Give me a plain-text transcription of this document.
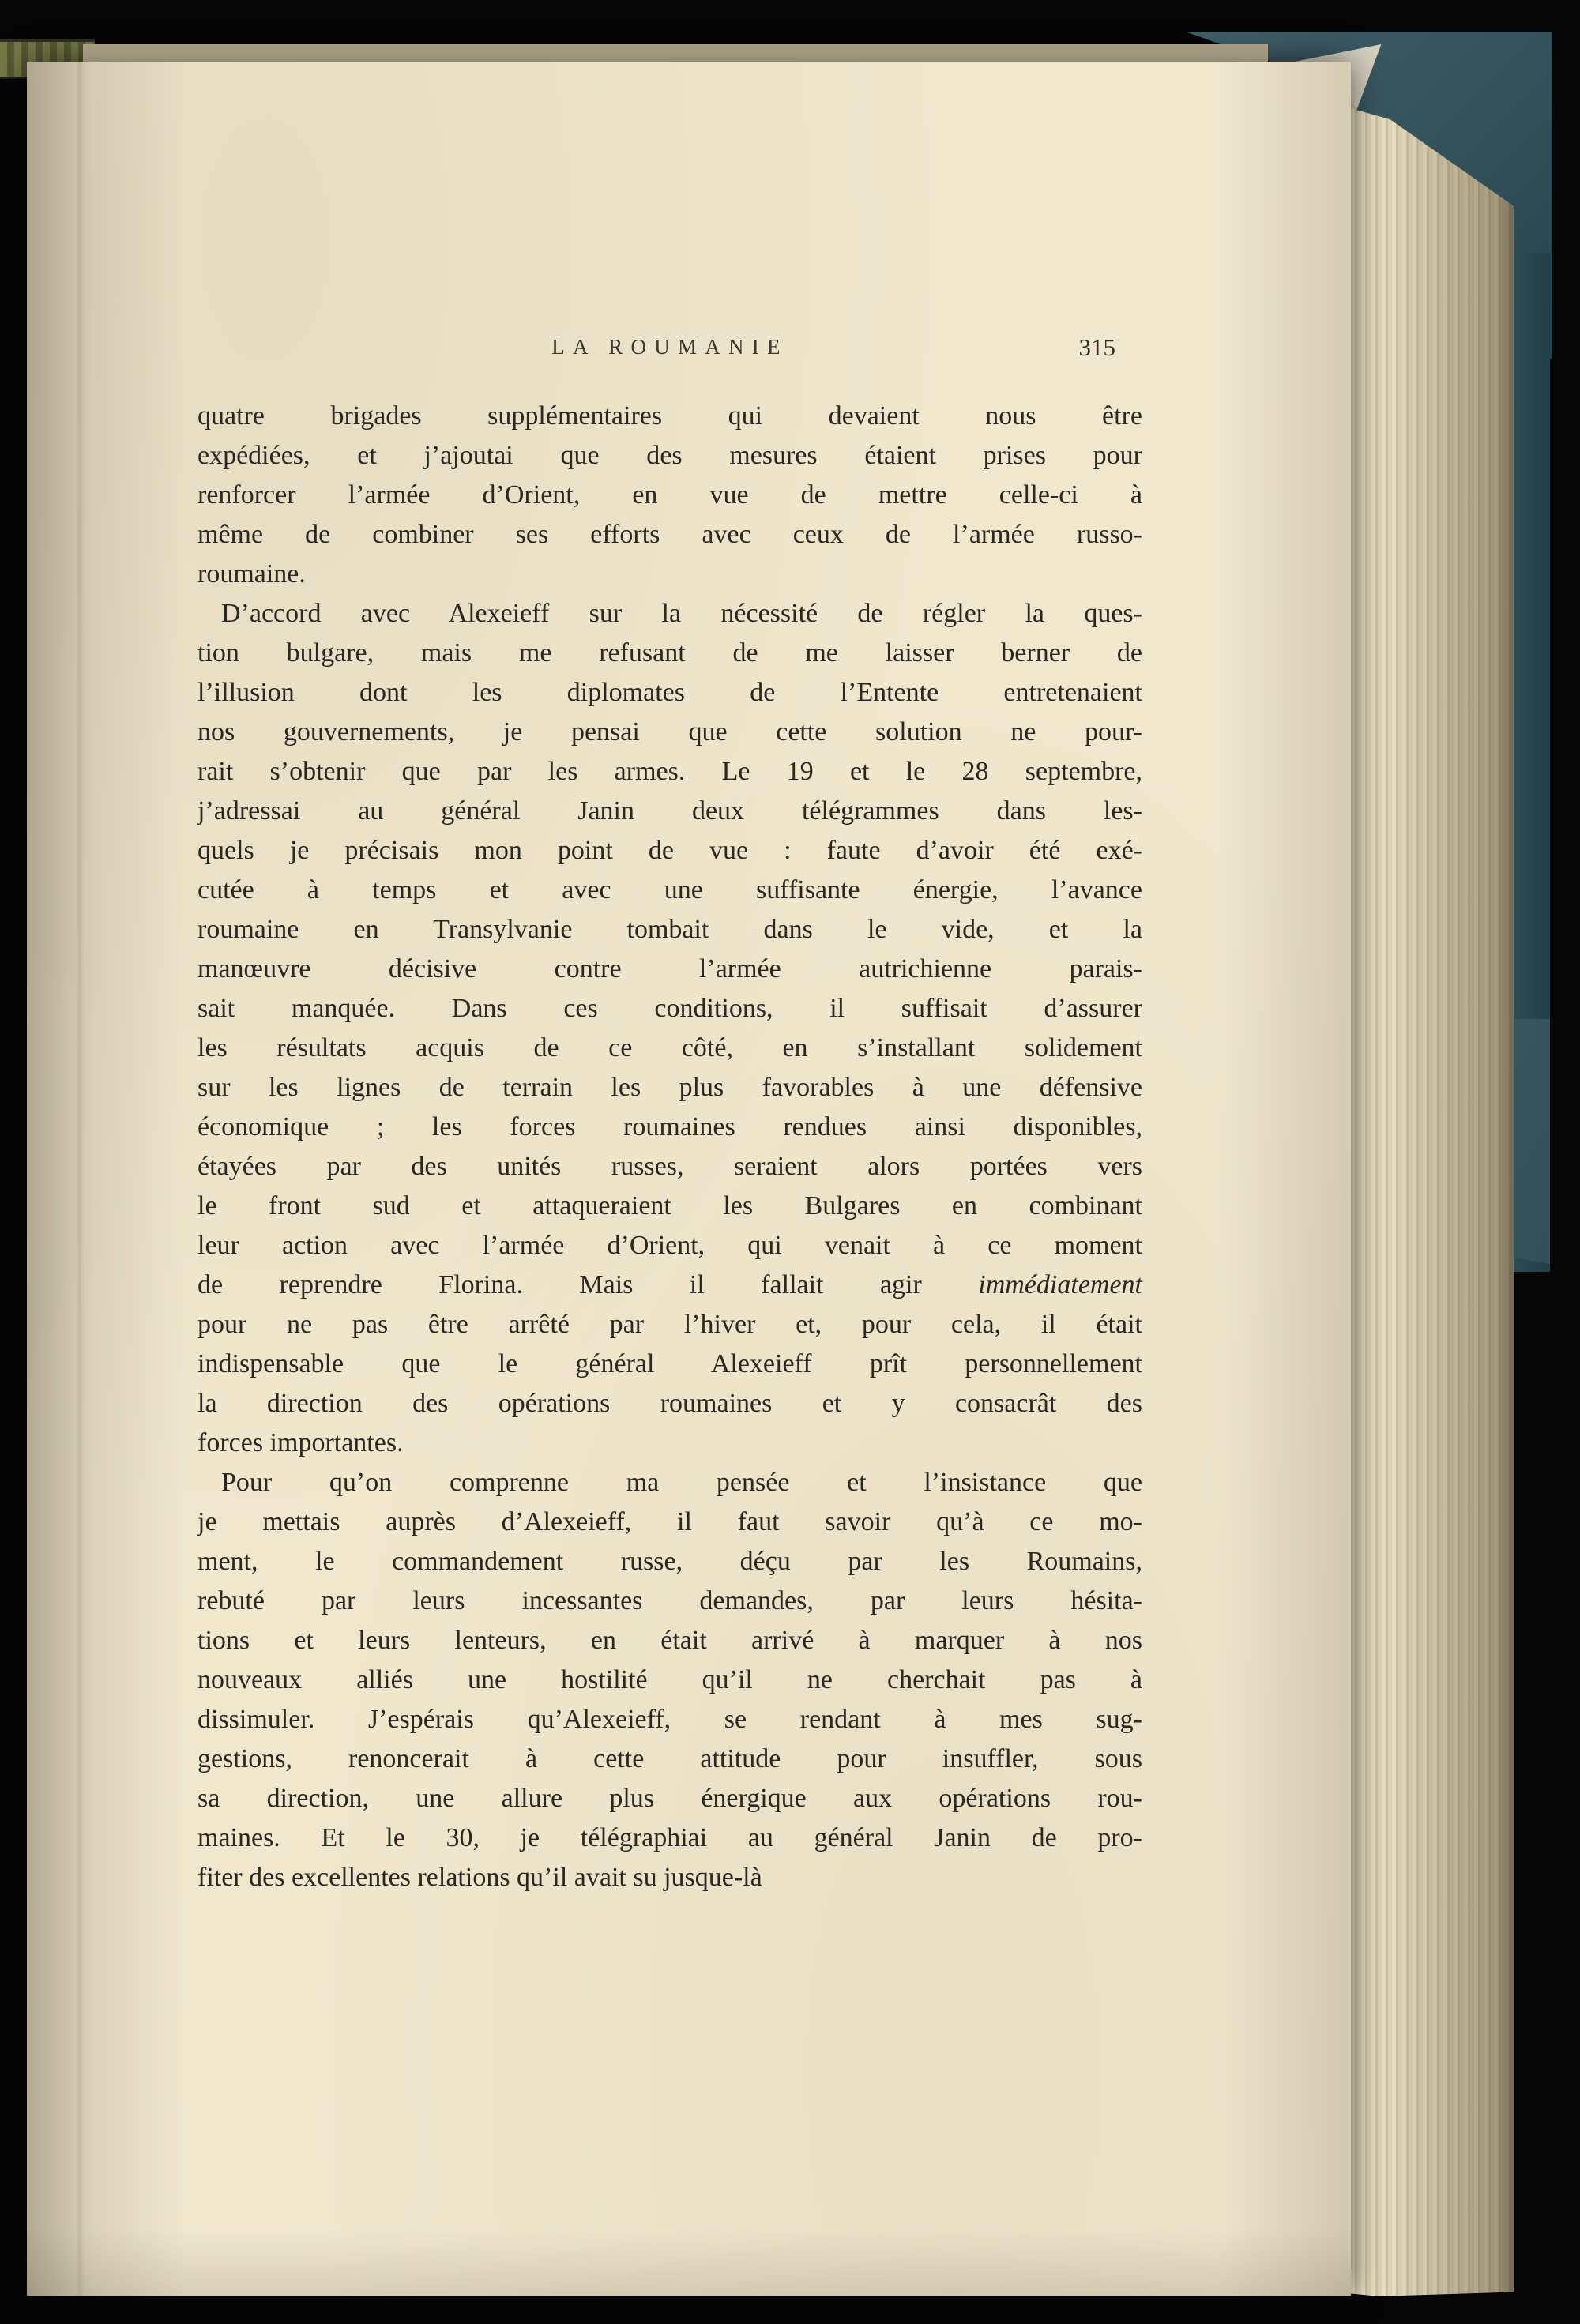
LA ROUMANIE	315
quatre brigades supplémentaires qui devaient nous être
expédiées, et j’ajoutai que des mesures étaient prises pour
renforcer l’armée d’Orient, en vue de mettre celle-ci à
même de combiner ses efforts avec ceux de l’armée russo-
roumaine.
D’accord avec Alexeieff sur la nécessité de régler la ques-
tion bulgare, mais me refusant de me laisser berner de
l’illusion dont les diplomates de l’Entente entretenaient
nos gouvernements, je pensai que cette solution ne pour-
rait s’obtenir que par les armes. Le 19 et le 28 septembre,
j’adressai au général Janin deux télégrammes dans les-
quels je précisais mon point de vue : faute d’avoir été exé-
cutée à temps et avec une suffisante énergie, l’avance
roumaine en Transylvanie tombait dans le vide, et la
manœuvre décisive contre l’armée autrichienne parais-
sait manquée. Dans ces conditions, il suffisait d’assurer
les résultats acquis de ce côté, en s’installant solidement
sur les lignes de terrain les plus favorables à une défensive
économique ; les forces roumaines rendues ainsi disponibles,
étayées par des unités russes, seraient alors portées vers
le front sud et attaqueraient les Bulgares en combinant
leur action avec l’armée d’Orient, qui venait à ce moment
de reprendre Florina. Mais il fallait agir immédiatement
pour ne pas être arrêté par l’hiver et, pour cela, il était
indispensable que le général Alexeieff prît personnellement
la direction des opérations roumaines et y consacrât des
forces importantes.
Pour qu’on comprenne ma pensée et l’insistance que
je mettais auprès d’Alexeieff, il faut savoir qu’à ce mo-
ment, le commandement russe, déçu par les Roumains,
rebuté par leurs incessantes demandes, par leurs hésita-
tions et leurs lenteurs, en était arrivé à marquer à nos
nouveaux alliés une hostilité qu’il ne cherchait pas à
dissimuler. J’espérais qu’Alexeieff, se rendant à mes sug-
gestions, renoncerait à cette attitude pour insuffler, sous
sa direction, une allure plus énergique aux opérations rou-
maines. Et le 30, je télégraphiai au général Janin de pro-
fiter des excellentes relations qu’il avait su jusque-là
